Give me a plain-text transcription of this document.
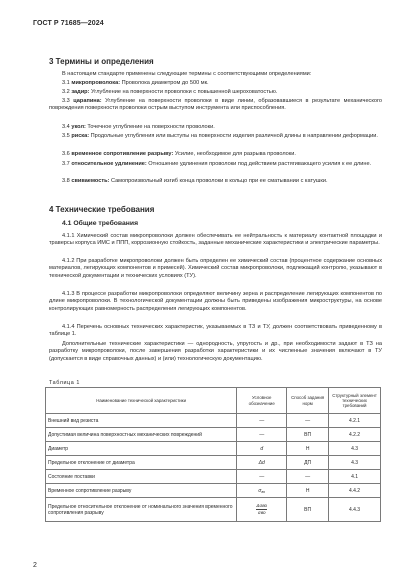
ГОСТ Р 71685—2024
3 Термины и определения
В настоящем стандарте применены следующие термины с соответствующими определениями:
3.1 микропроволока: Проволока диаметром до 500 мк.
3.2 задир: Углубление на поверхности проволоки с повышенной шероховатостью.
3.3 царапина: Углубление на поверхности проволоки в виде линии, образовавшиеся в результате механического повреждения поверхности проволоки острым выступом инструмента или приспособления.
3.4 укол: Точечное углубление на поверхности проволоки.
3.5 риска: Продольные углубления или выступы на поверхности изделия различной длины в направлении деформации.
3.6 временное сопротивление разрыву: Усилие, необходимое для разрыва проволоки.
3.7 относительное удлинение: Отношение удлинения проволоки под действием растягивающего усилия к ее длине.
3.8 свиваемость: Самопроизвольный изгиб конца проволоки в кольцо при ее сматывании с катушки.
4 Технические требования
4.1 Общие требования
4.1.1 Химический состав микропроволоки должен обеспечивать ее нейтральность к материалу контактной площадки и траверсы корпуса ИМС и ППП, коррозионную стойкость, заданные механические характеристики и электрические параметры.
4.1.2 При разработке микропроволоки должен быть определен ее химический состав (процентное содержание основных материалов, легирующих компонентов и примесей). Химический состав микропроволоки, подлежащий контролю, указывают в технической документации и технических условиях (ТУ).
4.1.3 В процессе разработки микропроволоки определяют величину зерна и распределение легирующих компонентов по длине микропроволоки. В технологической документации должны быть приведены изображения микроструктуры, на основе контролирующих равномерность распределения легирующих компонентов.
4.1.4 Перечень основных технических характеристик, указываемых в ТЗ и ТУ, должен соответствовать приведенному в таблице 1.
Дополнительные технические характеристики — однородность, упругость и др., при необходимости задают в ТЗ на разработку микропроволоки, после завершения разработки характеристики и их численные значения включают в ТУ (допускается в виде справочных данных) и (или) технологическую документацию.
Таблица 1
Наименование технической характеристики	Условное обозначение	Способ задания норм	Структурный элемент технических требований
Внешний вид резиста	—	—	4.2.1
Допустимая величина поверхностных механических повреждений	—	ВП	4.2.2
Диаметр	d	Н	4.3
Предельное отклонение от диаметра	Δd	ДП	4.3
Состояние поставки	—	—	4.1
Временное сопротивление разрыву	$\sigma_{во}$	Н	4.4.2
Предельное относительное отклонение от номинального значения временного сопротивления разрыву	$\frac{\text{Δσво}}{\text{σво}}$	ВП	4.4.3
2
